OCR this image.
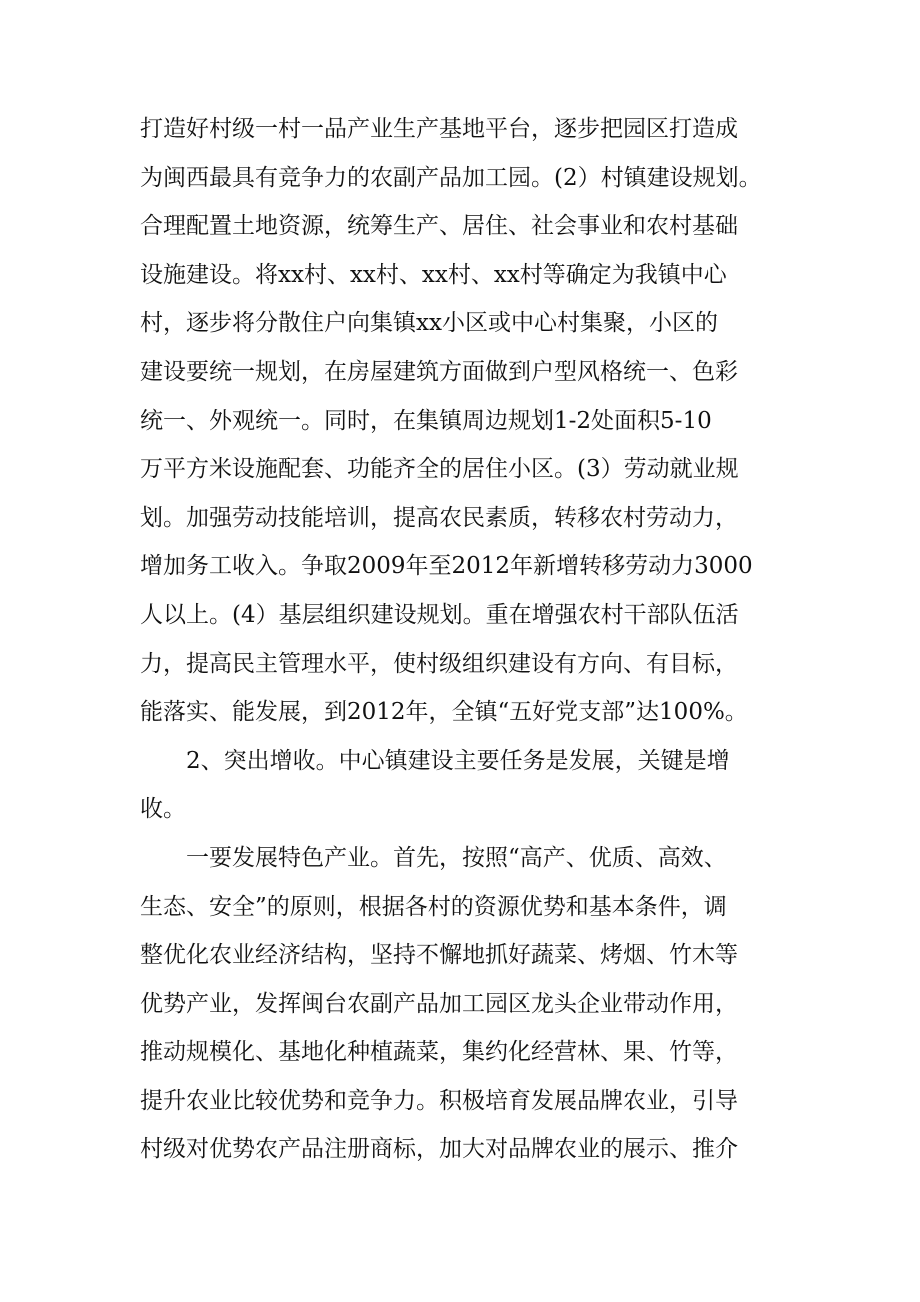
打造好村级一村一品产业生产基地平台，逐步把园区打造成
为闽西最具有竞争力的农副产品加工园。(2）村镇建设规划。
合理配置土地资源，统筹生产、居住、社会事业和农村基础
设施建设。将xx村、xx村、xx村、xx村等确定为我镇中心
村，逐步将分散住户向集镇xx小区或中心村集聚，小区的
建设要统一规划，在房屋建筑方面做到户型风格统一、色彩
统一、外观统一。同时，在集镇周边规划1-2处面积5-10
万平方米设施配套、功能齐全的居住小区。(3）劳动就业规
划。加强劳动技能培训，提高农民素质，转移农村劳动力，
增加务工收入。争取2009年至2012年新增转移劳动力3000
人以上。(4）基层组织建设规划。重在增强农村干部队伍活
力，提高民主管理水平，使村级组织建设有方向、有目标，
能落实、能发展，到2012年，全镇“五好党支部”达100%。
2、突出增收。中心镇建设主要任务是发展，关键是增
收。
一要发展特色产业。首先，按照“高产、优质、高效、
生态、安全”的原则，根据各村的资源优势和基本条件，调
整优化农业经济结构，坚持不懈地抓好蔬菜、烤烟、竹木等
优势产业，发挥闽台农副产品加工园区龙头企业带动作用，
推动规模化、基地化种植蔬菜，集约化经营林、果、竹等，
提升农业比较优势和竞争力。积极培育发展品牌农业，引导
村级对优势农产品注册商标，加大对品牌农业的展示、推介
